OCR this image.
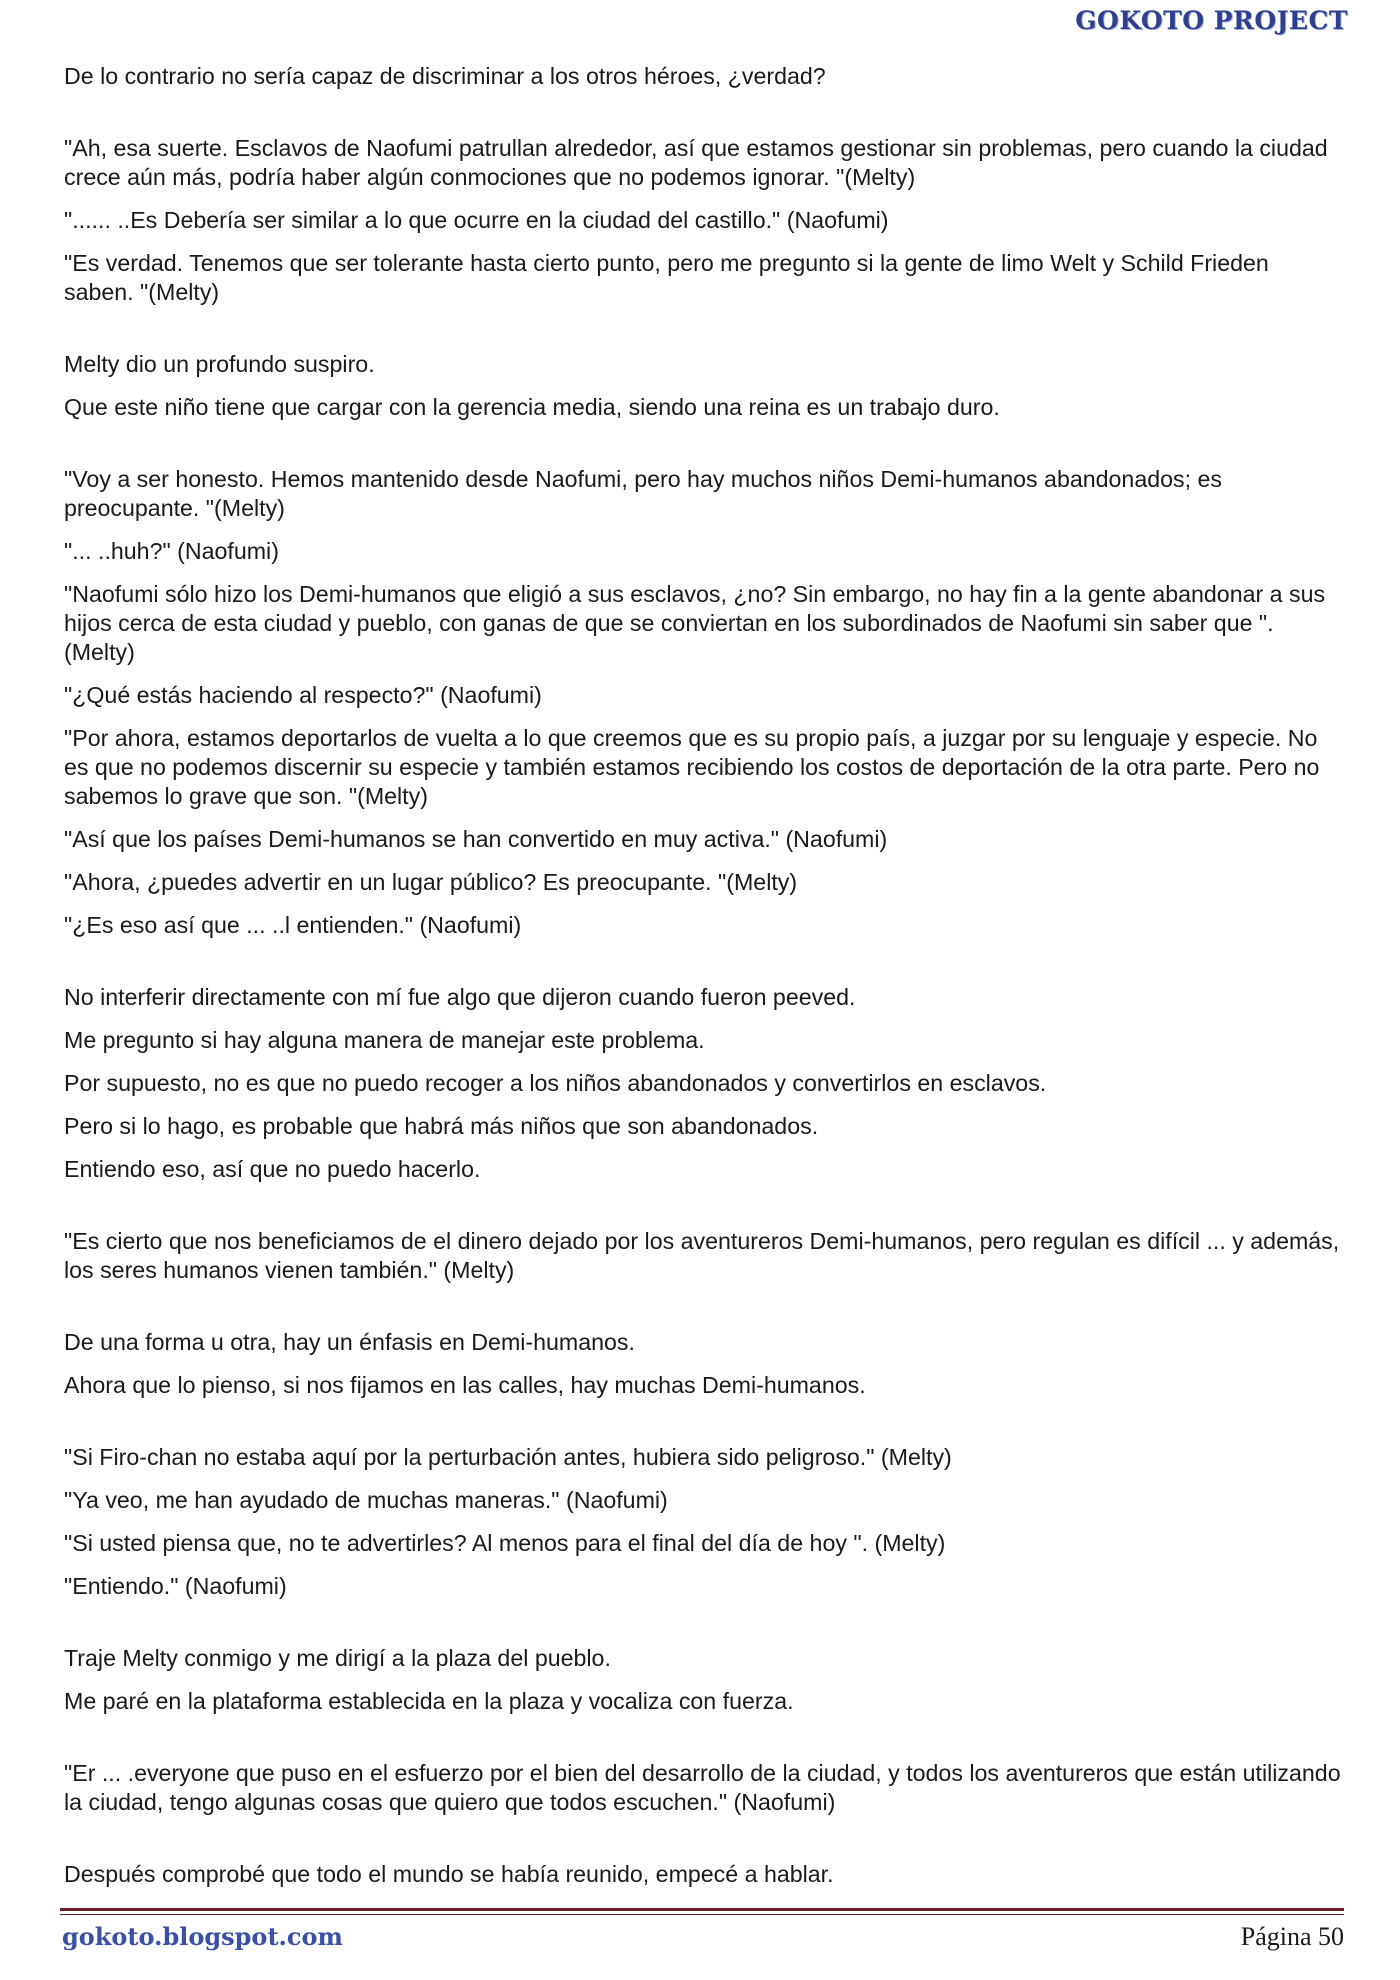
GOKOTO PROJECT

De lo contrario no sería capaz de discriminar a los otros héroes, ¿verdad?

"Ah, esa suerte. Esclavos de Naofumi patrullan alrededor, así que estamos gestionar sin problemas, pero cuando la ciudad crece aún más, podría haber algún conmociones que no podemos ignorar. "(Melty)

"...... ..Es Debería ser similar a lo que ocurre en la ciudad del castillo." (Naofumi)

"Es verdad. Tenemos que ser tolerante hasta cierto punto, pero me pregunto si la gente de limo Welt y Schild Frieden saben. "(Melty)

Melty dio un profundo suspiro.

Que este niño tiene que cargar con la gerencia media, siendo una reina es un trabajo duro.

"Voy a ser honesto. Hemos mantenido desde Naofumi, pero hay muchos niños Demi-humanos abandonados; es preocupante. "(Melty)

"... ..huh?" (Naofumi)

"Naofumi sólo hizo los Demi-humanos que eligió a sus esclavos, ¿no? Sin embargo, no hay fin a la gente abandonar a sus hijos cerca de esta ciudad y pueblo, con ganas de que se conviertan en los subordinados de Naofumi sin saber que ". (Melty)

"¿Qué estás haciendo al respecto?" (Naofumi)

"Por ahora, estamos deportarlos de vuelta a lo que creemos que es su propio país, a juzgar por su lenguaje y especie. No es que no podemos discernir su especie y también estamos recibiendo los costos de deportación de la otra parte. Pero no sabemos lo grave que son. "(Melty)

"Así que los países Demi-humanos se han convertido en muy activa." (Naofumi)

"Ahora, ¿puedes advertir en un lugar público? Es preocupante. "(Melty)

"¿Es eso así que ... ..l entienden." (Naofumi)

No interferir directamente con mí fue algo que dijeron cuando fueron peeved.

Me pregunto si hay alguna manera de manejar este problema.

Por supuesto, no es que no puedo recoger a los niños abandonados y convertirlos en esclavos.

Pero si lo hago, es probable que habrá más niños que son abandonados.

Entiendo eso, así que no puedo hacerlo.

"Es cierto que nos beneficiamos de el dinero dejado por los aventureros Demi-humanos, pero regulan es difícil ... y además, los seres humanos vienen también." (Melty)

De una forma u otra, hay un énfasis en Demi-humanos.

Ahora que lo pienso, si nos fijamos en las calles, hay muchas Demi-humanos.

"Si Firo-chan no estaba aquí por la perturbación antes, hubiera sido peligroso." (Melty)

"Ya veo, me han ayudado de muchas maneras." (Naofumi)

"Si usted piensa que, no te advertirles? Al menos para el final del día de hoy ". (Melty)

"Entiendo." (Naofumi)

Traje Melty conmigo y me dirigí a la plaza del pueblo.

Me paré en la plataforma establecida en la plaza y vocaliza con fuerza.

"Er ... .everyone que puso en el esfuerzo por el bien del desarrollo de la ciudad, y todos los aventureros que están utilizando la ciudad, tengo algunas cosas que quiero que todos escuchen." (Naofumi)

Después comprobé que todo el mundo se había reunido, empecé a hablar.

gokoto.blogspot.com	Página 50
